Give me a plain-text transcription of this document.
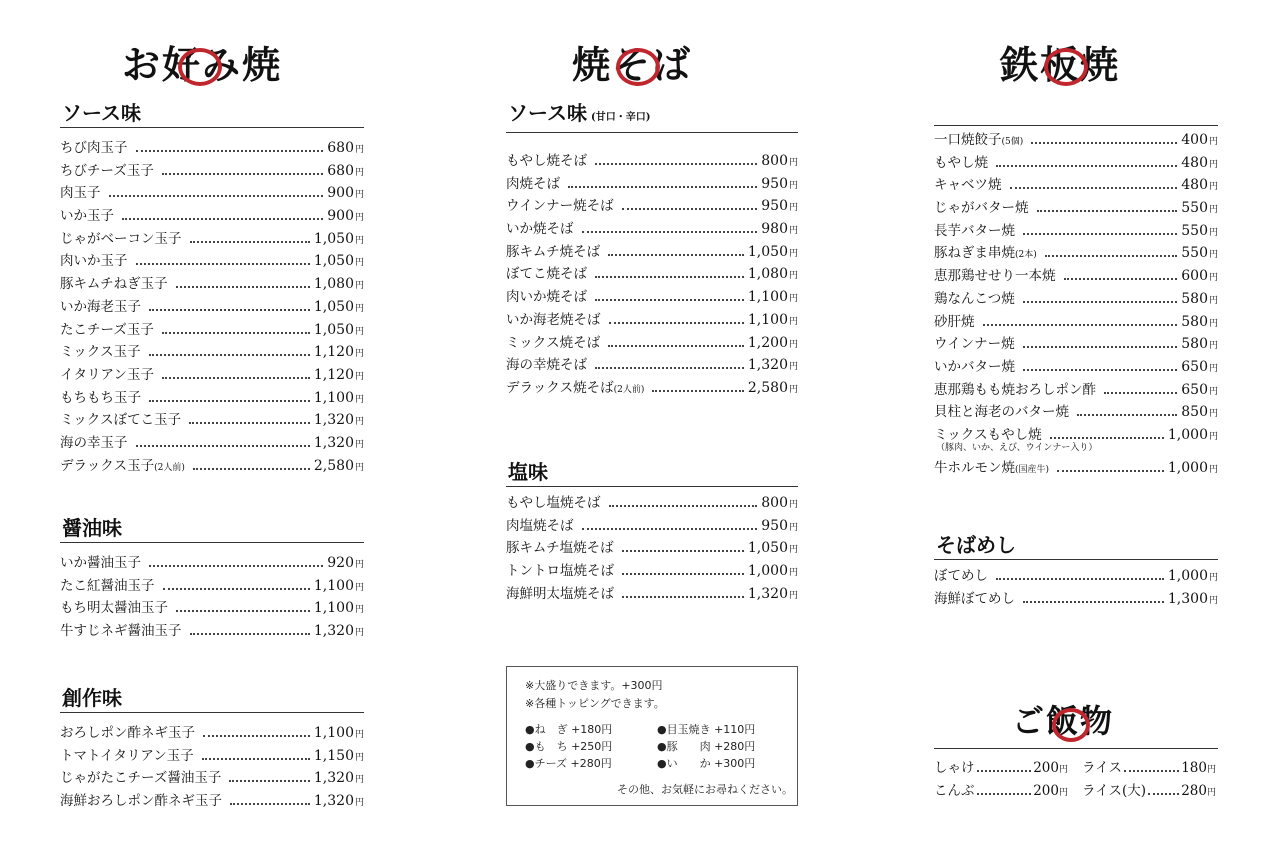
お好み焼
ソース味
ちび肉玉子	680円
ちびチーズ玉子	680円
肉玉子	900円
いか玉子	900円
じゃがベーコン玉子	1,050円
肉いか玉子	1,050円
豚キムチねぎ玉子	1,080円
いか海老玉子	1,050円
たこチーズ玉子	1,050円
ミックス玉子	1,120円
イタリアン玉子	1,120円
もちもち玉子	1,100円
ミックスぼてこ玉子	1,320円
海の幸玉子	1,320円
デラックス玉子(2人前)	2,580円
醤油味
いか醤油玉子	920円
たこ紅醤油玉子	1,100円
もち明太醤油玉子	1,100円
牛すじネギ醤油玉子	1,320円
創作味
おろしポン酢ネギ玉子	1,100円
トマトイタリアン玉子	1,150円
じゃがたこチーズ醤油玉子	1,320円
海鮮おろしポン酢ネギ玉子	1,320円
焼そば
ソース味 (甘口・辛口)
もやし焼そば	800円
肉焼そば	950円
ウインナー焼そば	950円
いか焼そば	980円
豚キムチ焼そば	1,050円
ぼてこ焼そば	1,080円
肉いか焼そば	1,100円
いか海老焼そば	1,100円
ミックス焼そば	1,200円
海の幸焼そば	1,320円
デラックス焼そば(2人前)	2,580円
塩味
もやし塩焼そば	800円
肉塩焼そば	950円
豚キムチ塩焼そば	1,050円
トントロ塩焼そば	1,000円
海鮮明太塩焼そば	1,320円
※大盛りできます。+300円
※各種トッピングできます。
●ね　ぎ +180円	●目玉焼き +110円
●も　ち +250円	●豚　　肉 +280円
●チーズ +280円	●い　　か +300円
その他、お気軽にお尋ねください。
鉄板焼
一口焼餃子(5個)	400円
もやし焼	480円
キャベツ焼	480円
じゃがバター焼	550円
長芋バター焼	550円
豚ねぎま串焼(2本)	550円
恵那鶏せせり一本焼	600円
鶏なんこつ焼	580円
砂肝焼	580円
ウインナー焼	580円
いかバター焼	650円
恵那鶏もも焼おろしポン酢	650円
貝柱と海老のバター焼	850円
ミックスもやし焼	1,000円
（豚肉、いか、えび、ウインナー入り）
牛ホルモン焼(国産牛)	1,000円
そばめし
ぼてめし	1,000円
海鮮ぼてめし	1,300円
ご飯物
しゃけ	200 円
こんぶ	200 円
ライス	180 円
ライス(大)	280 円
